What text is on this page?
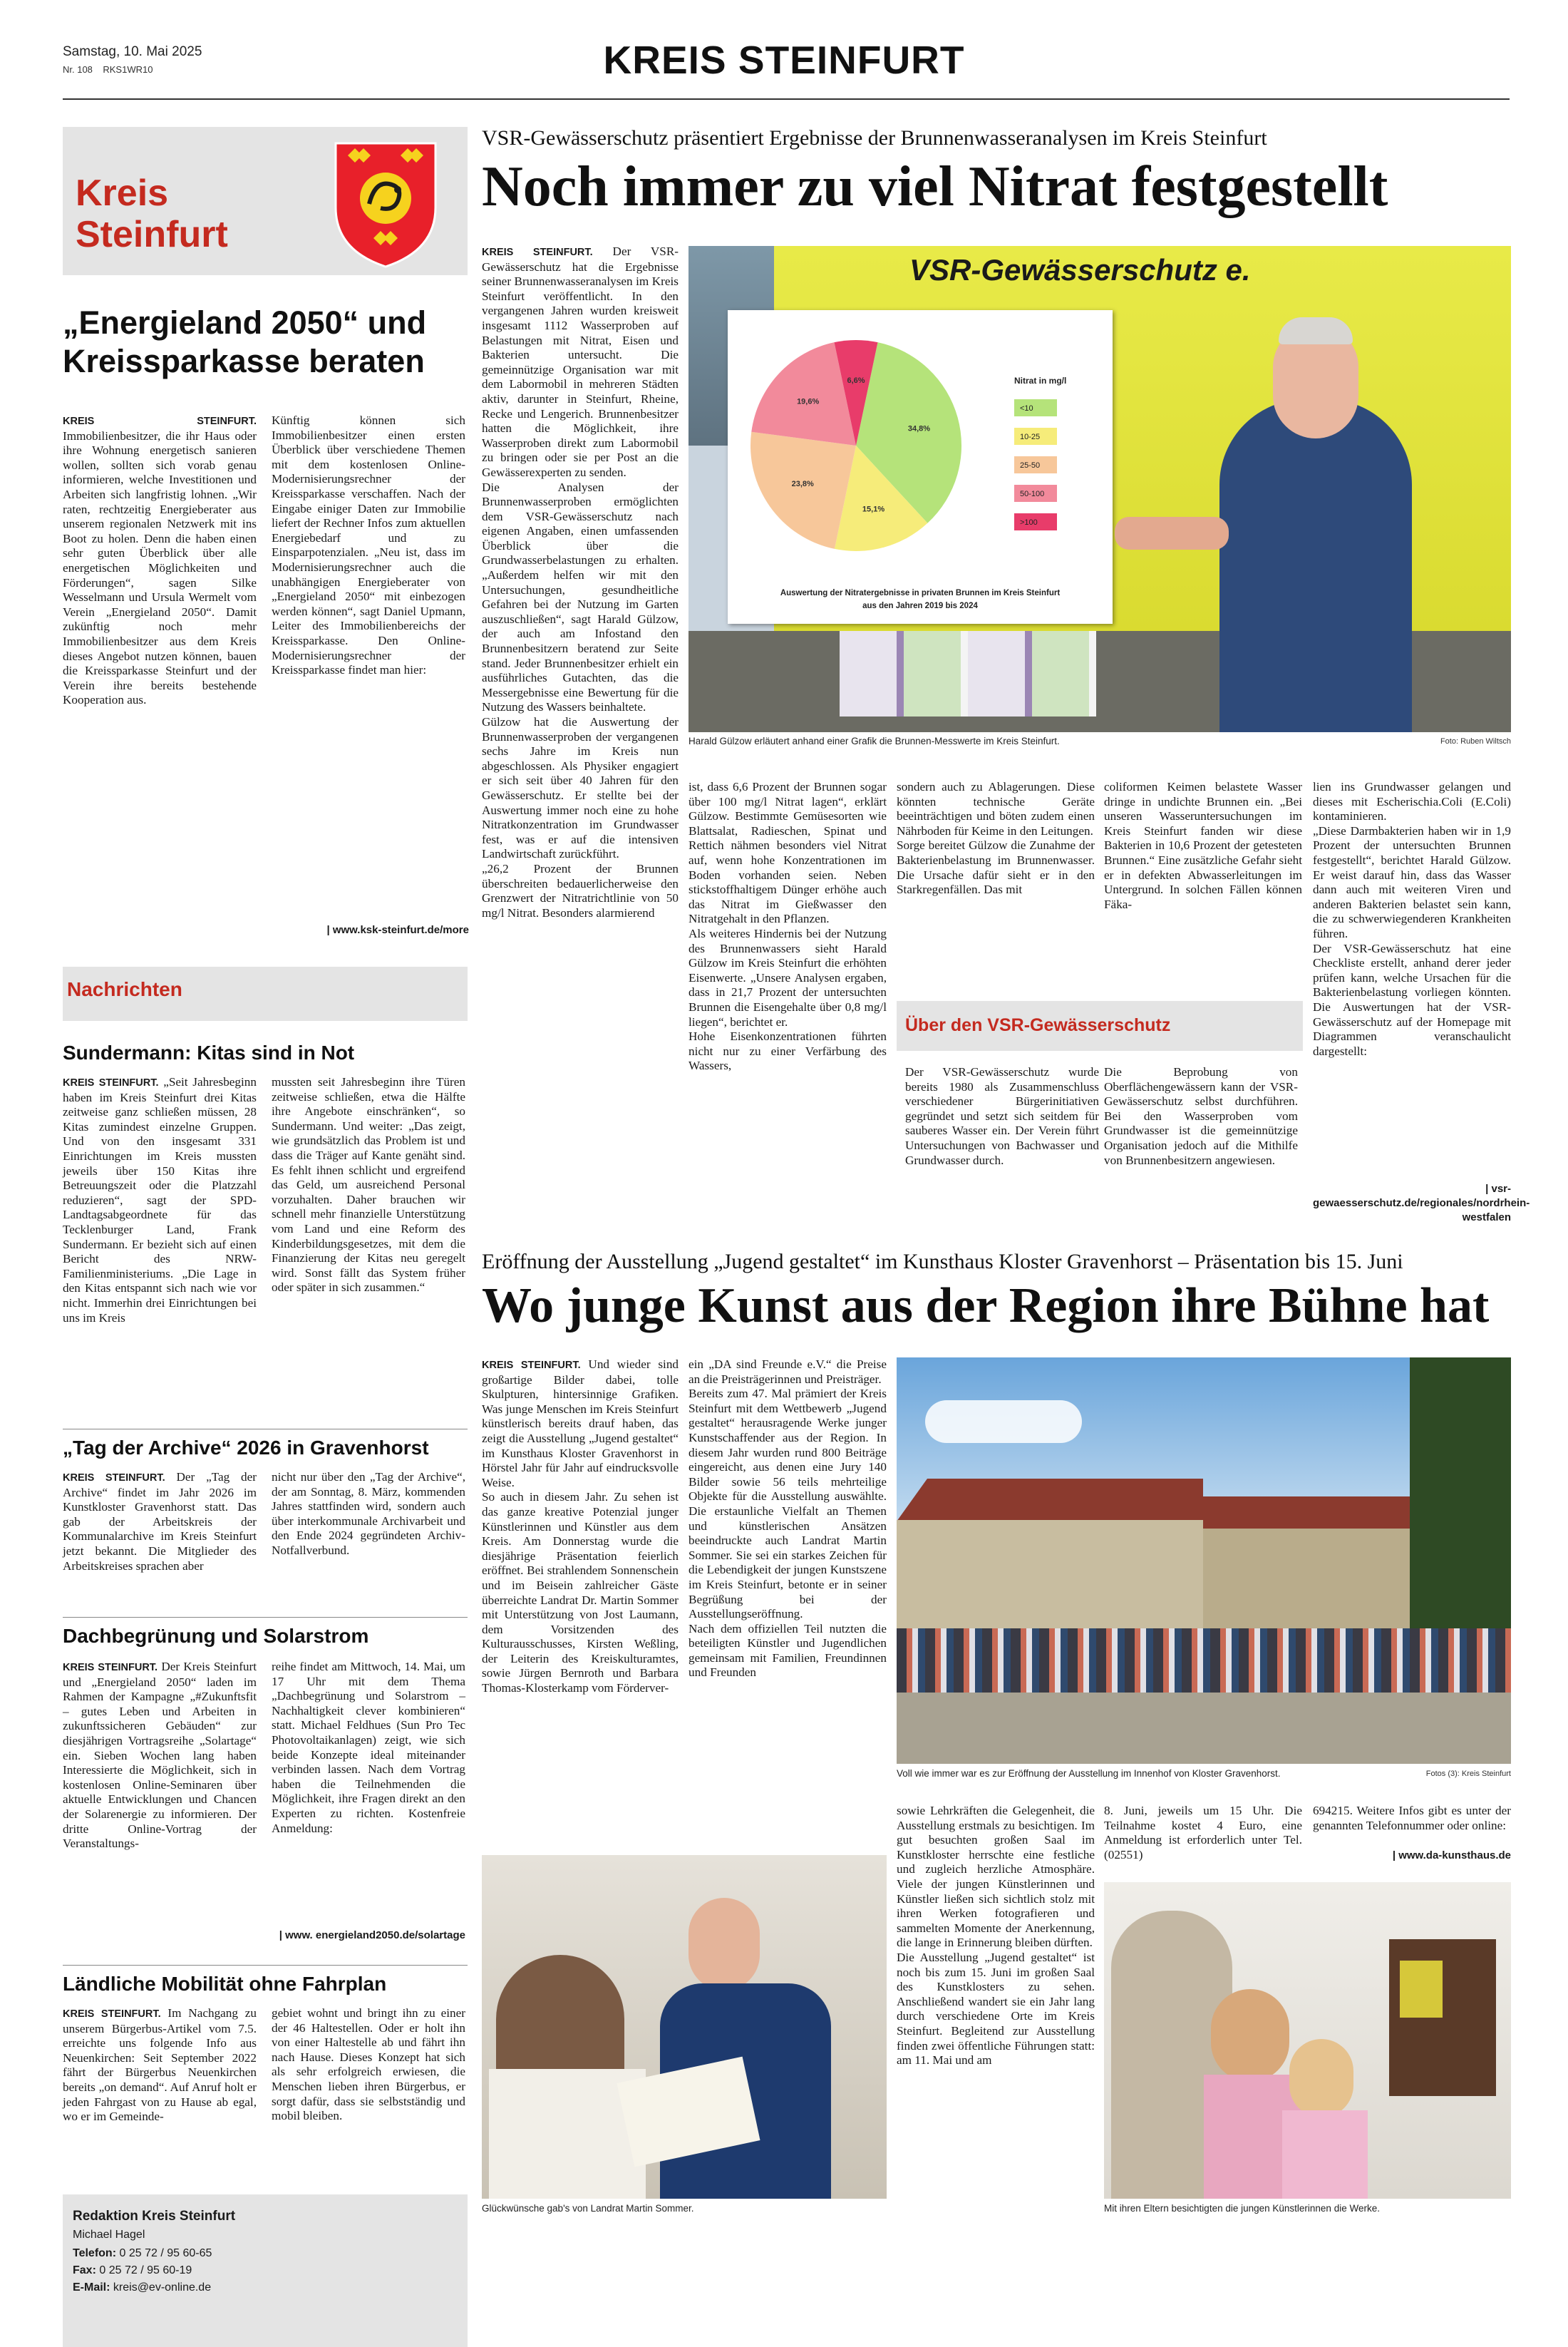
Samstag, 10. Mai 2025
Nr. 108    RKS1WR10	KREIS STEINFURT
Kreis
Steinfurt
„Energieland 2050“ und Kreissparkasse beraten
KREIS STEINFURT. Immobilienbesitzer, die ihr Haus oder ihre Wohnung energetisch sanieren wollen, sollten sich vorab genau informieren, welche Investitionen und Arbeiten sich langfristig lohnen. „Wir raten, rechtzeitig Energieberater aus unserem regionalen Netzwerk mit ins Boot zu holen. Denn die haben einen sehr guten Überblick über alle energetischen Möglichkeiten und Förderungen“, sagen Silke Wesselmann und Ursula Wermelt vom Verein „Energieland 2050“. Damit zukünftig noch mehr Immobilienbesitzer aus dem Kreis dieses Angebot nutzen können, bauen die Kreissparkasse Steinfurt und der Verein ihre bereits bestehende Kooperation aus.
Künftig können sich Immobilienbesitzer einen ersten Überblick über verschiedene Themen mit dem kostenlosen Online-Modernisierungsrechner der Kreissparkasse verschaffen. Nach der Eingabe einiger Daten zur Immobilie liefert der Rechner Infos zum aktuellen Energiebedarf und zu Einsparpotenzialen. „Neu ist, dass im Modernisierungsrechner auch die unabhängigen Energieberater von „Energieland 2050“ mit einbezogen werden können“, sagt Daniel Upmann, Leiter des Immobilienbereichs der Kreissparkasse. Den Online-Modernisierungsrechner der Kreissparkasse findet man hier:
| www.ksk-steinfurt.de/more
Nachrichten
Sundermann: Kitas sind in Not
KREIS STEINFURT. „Seit Jahresbeginn haben im Kreis Steinfurt drei Kitas zeitweise ganz schließen müssen, 28 Kitas zumindest einzelne Gruppen. Und von den insgesamt 331 Einrichtungen im Kreis mussten jeweils über 150 Kitas ihre Betreuungszeit oder die Platzzahl reduzieren“, sagt der SPD-Landtagsabgeordnete für das Tecklenburger Land, Frank Sundermann. Er bezieht sich auf einen Bericht des NRW-Familienministeriums. „Die Lage in den Kitas entspannt sich nach wie vor nicht. Immerhin drei Einrichtungen bei uns im Kreis
mussten seit Jahresbeginn ihre Türen zeitweise schließen, etwa die Hälfte ihre Angebote einschränken“, so Sundermann. Und weiter: „Das zeigt, wie grundsätzlich das Problem ist und dass die Träger auf Kante genäht sind. Es fehlt ihnen schlicht und ergreifend das Geld, um ausreichend Personal vorzuhalten. Daher brauchen wir schnell mehr finanzielle Unterstützung vom Land und eine Reform des Kinderbildungsgesetzes, mit dem die Finanzierung der Kitas neu geregelt wird. Sonst fällt das System früher oder später in sich zusammen.“
„Tag der Archive“ 2026 in Gravenhorst
KREIS STEINFURT. Der „Tag der Archive“ findet im Jahr 2026 im Kunstkloster Gravenhorst statt. Das gab der Arbeitskreis der Kommunalarchive im Kreis Steinfurt jetzt bekannt. Die Mitglieder des Arbeitskreises sprachen aber
nicht nur über den „Tag der Archive“, der am Sonntag, 8. März, kommenden Jahres stattfinden wird, sondern auch über interkommunale Archivarbeit und den Ende 2024 gegründeten Archiv-Notfallverbund.
Dachbegrünung und Solarstrom
KREIS STEINFURT. Der Kreis Steinfurt und „Energieland 2050“ laden im Rahmen der Kampagne „#Zukunftsfit – gutes Leben und Arbeiten in zukunftssicheren Gebäuden“ zur diesjährigen Vortragsreihe „Solartage“ ein. Sieben Wochen lang haben Interessierte die Möglichkeit, sich in kostenlosen Online-Seminaren über aktuelle Entwicklungen und Chancen der Solarenergie zu informieren. Der dritte Online-Vortrag der Veranstaltungs-
reihe findet am Mittwoch, 14. Mai, um 17 Uhr mit dem Thema „Dachbegrünung und Solarstrom – Nachhaltigkeit clever kombinieren“ statt. Michael Feldhues (Sun Pro Tec Photovoltaikanlagen) zeigt, wie sich beide Konzepte ideal miteinander verbinden lassen. Nach dem Vortrag haben die Teilnehmenden die Möglichkeit, ihre Fragen direkt an den Experten zu richten. Kostenfreie Anmeldung:
| www. energieland2050.de/solartage
Ländliche Mobilität ohne Fahrplan
KREIS STEINFURT. Im Nachgang zu unserem Bürgerbus-Artikel vom 7.5. erreichte uns folgende Info aus Neuenkirchen: Seit September 2022 fährt der Bürgerbus Neuenkirchen bereits „on demand“. Auf Anruf holt er jeden Fahrgast von zu Hause ab egal, wo er im Gemeinde-
gebiet wohnt und bringt ihn zu einer der 46 Haltestellen. Oder er holt ihn von einer Haltestelle ab und fährt ihn nach Hause. Dieses Konzept hat sich als sehr erfolgreich erwiesen, die Menschen lieben ihren Bürgerbus, er sorgt dafür, dass sie selbstständig und mobil bleiben.
Redaktion Kreis Steinfurt
Michael Hagel
Telefon: 0 25 72 / 95 60-65
Fax: 0 25 72 / 95 60-19
E-Mail: kreis@ev-online.de
VSR-Gewässerschutz präsentiert Ergebnisse der Brunnenwasseranalysen im Kreis Steinfurt
Noch immer zu viel Nitrat festgestellt
KREIS STEINFURT. Der VSR-Gewässerschutz hat die Ergebnisse seiner Brunnenwasseranalysen im Kreis Steinfurt veröffentlicht. In den vergangenen Jahren wurden kreisweit insgesamt 1112 Wasserproben auf Belastungen mit Nitrat, Eisen und Bakterien untersucht. Die gemeinnützige Organisation war mit dem Labormobil in mehreren Städten aktiv, darunter in Steinfurt, Rheine, Recke und Lengerich. Brunnenbesitzer hatten die Möglichkeit, ihre Wasserproben direkt zum Labormobil zu bringen oder sie per Post an die Gewässerexperten zu senden.
Die Analysen der Brunnenwasserproben ermöglichten dem VSR-Gewässerschutz nach eigenen Angaben, einen umfassenden Überblick über die Grundwasserbelastungen zu erhalten. „Außerdem helfen wir mit den Untersuchungen, gesundheitliche Gefahren bei der Nutzung im Garten auszuschließen“, sagt Harald Gülzow, der auch am Infostand den Brunnenbesitzern beratend zur Seite stand. Jeder Brunnenbesitzer erhielt ein ausführliches Gutachten, das die Messergebnisse eine Bewertung für die Nutzung des Wassers beinhaltete.
Gülzow hat die Auswertung der Brunnenwasserproben der vergangenen sechs Jahre im Kreis nun abgeschlossen. Als Physiker engagiert er sich seit über 40 Jahren für den Gewässerschutz. Er stellte bei der Auswertung immer noch eine zu hohe Nitratkonzentration im Grundwasser fest, was er auf die intensiven Landwirtschaft zurückführt.
„26,2 Prozent der Brunnen überschreiten bedauerlicherweise den Grenzwert der Nitratrichtlinie von 50 mg/l Nitrat. Besonders alarmierend
VSR-Gewässerschutz e.
34,8%
15,1%
23,8%
19,6%
6,6%	Nitrat in mg/l
<10
10-25
25-50
50-100
>100
Auswertung der Nitratergebnisse in privaten Brunnen im Kreis Steinfurt
aus den Jahren 2019 bis 2024
Harald Gülzow erläutert anhand einer Grafik die Brunnen-Messwerte im Kreis Steinfurt.	Foto: Ruben Wiltsch
ist, dass 6,6 Prozent der Brunnen sogar über 100 mg/l Nitrat lagen“, erklärt Gülzow. Bestimmte Gemüsesorten wie Blattsalat, Radieschen, Spinat und Rettich nähmen besonders viel Nitrat auf, wenn hohe Konzentrationen im Boden vorhanden seien. Neben stickstoffhaltigem Dünger erhöhe auch das Nitrat im Gießwasser den Nitratgehalt in den Pflanzen.
Als weiteres Hindernis bei der Nutzung des Brunnenwassers sieht Harald Gülzow im Kreis Steinfurt die erhöhten Eisenwerte. „Unsere Analysen ergaben, dass in 21,7 Prozent der untersuchten Brunnen die Eisengehalte über 0,8 mg/l liegen“, berichtet er.
Hohe Eisenkonzentrationen führten nicht nur zu einer Verfärbung des Wassers,
sondern auch zu Ablagerungen. Diese könnten technische Geräte beeinträchtigen und böten zudem einen Nährboden für Keime in den Leitungen.
Sorge bereitet Gülzow die Zunahme der Bakterienbelastung im Brunnenwasser. Die Ursache dafür sieht er in den Starkregenfällen. Das mit
coliformen Keimen belastete Wasser dringe in undichte Brunnen ein. „Bei unseren Wasseruntersuchungen im Kreis Steinfurt fanden wir diese Bakterien in 10,6 Prozent der getesteten Brunnen.“ Eine zusätzliche Gefahr sieht er in defekten Abwasserleitungen im Untergrund. In solchen Fällen können Fäka-
lien ins Grundwasser gelangen und dieses mit Escherischia.Coli (E.Coli) kontaminieren.
„Diese Darmbakterien haben wir in 1,9 Prozent der untersuchten Brunnen festgestellt“, berichtet Harald Gülzow. Er weist darauf hin, dass das Wasser dann auch mit weiteren Viren und anderen Bakterien belastet sein kann, die zu schwerwiegenderen Krankheiten führen.
Der VSR-Gewässerschutz hat eine Checkliste erstellt, anhand derer jeder prüfen kann, welche Ursachen für die Bakterienbelastung vorliegen könnten. Die Auswertungen hat der VSR-Gewässerschutz auf der Homepage mit Diagrammen veranschaulicht dargestellt:
| vsr-gewaesserschutz.de/regionales/nordrhein-westfalen
Über den VSR-Gewässerschutz
Der VSR-Gewässerschutz wurde bereits 1980 als Zusammenschluss verschiedener Bürgerinitiativen gegründet und setzt sich seitdem für sauberes Wasser ein. Der Verein führt Untersuchungen von Bachwasser und Grundwasser durch.
Die Beprobung von Oberflächengewässern kann der VSR-Gewässerschutz selbst durchführen. Bei den Wasserproben vom Grundwasser ist die gemeinnützige Organisation jedoch auf die Mithilfe von Brunnenbesitzern angewiesen.
Eröffnung der Ausstellung „Jugend gestaltet“ im Kunsthaus Kloster Gravenhorst – Präsentation bis 15. Juni
Wo junge Kunst aus der Region ihre Bühne hat
KREIS STEINFURT. Und wieder sind großartige Bilder dabei, tolle Skulpturen, hintersinnige Grafiken. Was junge Menschen im Kreis Steinfurt künstlerisch bereits drauf haben, das zeigt die Ausstellung „Jugend gestaltet“ im Kunsthaus Kloster Gravenhorst in Hörstel Jahr für Jahr auf eindrucksvolle Weise.
So auch in diesem Jahr. Zu sehen ist das ganze kreative Potenzial junger Künstlerinnen und Künstler aus dem Kreis. Am Donnerstag wurde die diesjährige Präsentation feierlich eröffnet. Bei strahlendem Sonnenschein und im Beisein zahlreicher Gäste überreichte Landrat Dr. Martin Sommer mit Unterstützung von Jost Laumann, dem Vorsitzenden des Kulturausschusses, Kirsten Weßling, der Leiterin des Kreiskulturamtes, sowie Jürgen Bernroth und Barbara Thomas-Klosterkamp vom Förderver-
ein „DA sind Freunde e.V.“ die Preise an die Preisträgerinnen und Preisträger.
Bereits zum 47. Mal prämiert der Kreis Steinfurt mit dem Wettbewerb „Jugend gestaltet“ herausragende Werke junger Kunstschaffender aus der Region. In diesem Jahr wurden rund 800 Beiträge eingereicht, aus denen eine Jury 140 Bilder sowie 56 teils mehrteilige Objekte für die Ausstellung auswählte. Die erstaunliche Vielfalt an Themen und künstlerischen Ansätzen beeindruckte auch Landrat Martin Sommer. Sie sei ein starkes Zeichen für die Lebendigkeit der jungen Kunstszene im Kreis Steinfurt, betonte er in seiner Begrüßung bei der Ausstellungseröffnung.
Nach dem offiziellen Teil nutzten die beteiligten Künstler und Jugendlichen gemeinsam mit Familien, Freundinnen und Freunden
Voll wie immer war es zur Eröffnung der Ausstellung im Innenhof von Kloster Gravenhorst.	Fotos (3): Kreis Steinfurt
sowie Lehrkräften die Gelegenheit, die Ausstellung erstmals zu besichtigen. Im gut besuchten großen Saal im Kunstkloster herrschte eine festliche und zugleich herzliche Atmosphäre. Viele der jungen Künstlerinnen und Künstler ließen sich sichtlich stolz mit ihren Werken fotografieren und sammelten Momente der Anerkennung, die lange in Erinnerung bleiben dürften.
Die Ausstellung „Jugend gestaltet“ ist noch bis zum 15. Juni im großen Saal des Kunstklosters zu sehen. Anschließend wandert sie ein Jahr lang durch verschiedene Orte im Kreis Steinfurt. Begleitend zur Ausstellung finden zwei öffentliche Führungen statt: am 11. Mai und am
8. Juni, jeweils um 15 Uhr. Die Teilnahme kostet 4 Euro, eine Anmeldung ist erforderlich unter Tel. (02551)
694215. Weitere Infos gibt es unter der genannten Telefonnummer oder online:
| www.da-kunsthaus.de
Glückwünsche gab's von Landrat Martin Sommer.	Mit ihren Eltern besichtigten die jungen Künstlerinnen die Werke.
